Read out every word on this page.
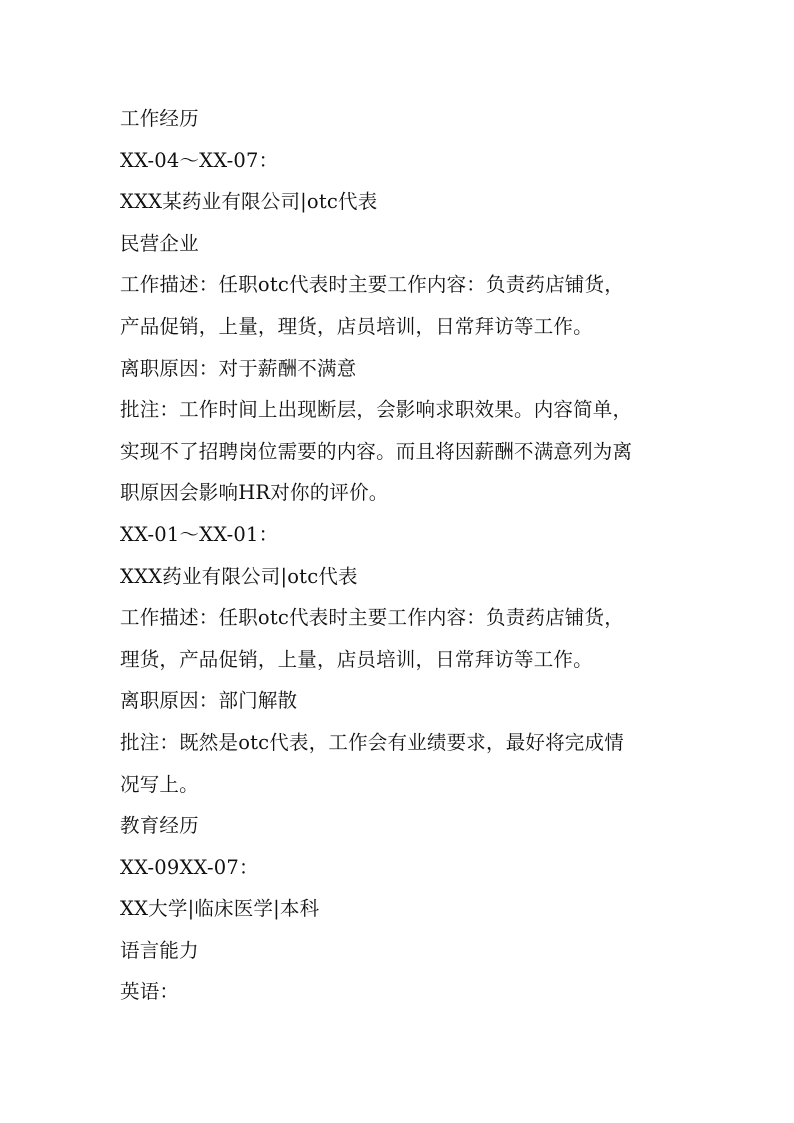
工作经历
XX-04～XX-07：
XXX某药业有限公司|otc代表
民营企业
工作描述：任职otc代表时主要工作内容：负责药店铺货，
产品促销，上量，理货，店员培训，日常拜访等工作。
离职原因：对于薪酬不满意
批注：工作时间上出现断层，会影响求职效果。内容简单，
实现不了招聘岗位需要的内容。而且将因薪酬不满意列为离
职原因会影响HR对你的评价。
XX-01～XX-01：
XXX药业有限公司|otc代表
工作描述：任职otc代表时主要工作内容：负责药店铺货，
理货，产品促销，上量，店员培训，日常拜访等工作。
离职原因：部门解散
批注：既然是otc代表，工作会有业绩要求，最好将完成情
况写上。
教育经历
XX-09XX-07：
XX大学|临床医学|本科
语言能力
英语：
